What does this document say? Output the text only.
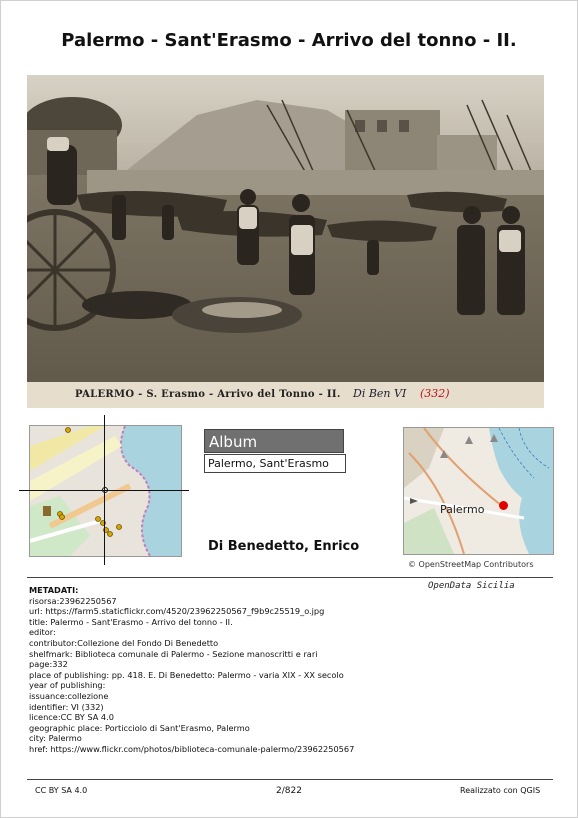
Palermo - Sant'Erasmo - Arrivo del tonno - II.
PALERMO - S. Erasmo - Arrivo del Tonno - II. Di Ben VI (332)
Album
Palermo, Sant'Erasmo
Di Benedetto, Enrico
Palermo
© OpenStreetMap Contributors
OpenData Sicilia
METADATI:
risorsa:23962250567
url: https://farm5.staticflickr.com/4520/23962250567_f9b9c25519_o.jpg
title: Palermo - Sant'Erasmo - Arrivo del tonno - II.
editor:
contributor:Collezione del Fondo Di Benedetto
shelfmark: Biblioteca comunale di Palermo - Sezione manoscritti e rari
page:332
place of publishing: pp. 418. E. Di Benedetto: Palermo - varia XIX - XX secolo
year of publishing:
issuance:collezione
identifier: VI (332)
licence:CC BY SA 4.0
geographic place: Porticciolo di Sant'Erasmo, Palermo
city: Palermo
href: https://www.flickr.com/photos/biblioteca-comunale-palermo/23962250567
CC BY SA 4.0	2/822	Realizzato con QGIS
